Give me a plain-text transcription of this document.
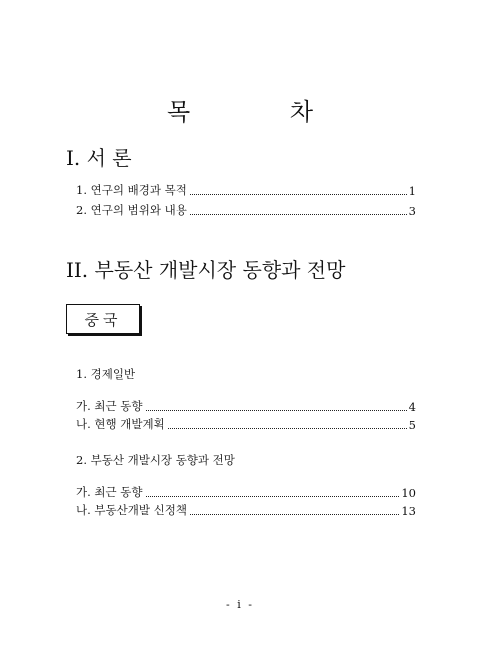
목 차
I. 서 론
1. 연구의 배경과 목적	1
2. 연구의 범위와 내용	3
II. 부동산 개발시장 동향과 전망
중국
1. 경제일반
가. 최근 동향	4
나. 현행 개발계획	5
2. 부동산 개발시장 동향과 전망
가. 최근 동향	10
나. 부동산개발 신정책	13
- i -
